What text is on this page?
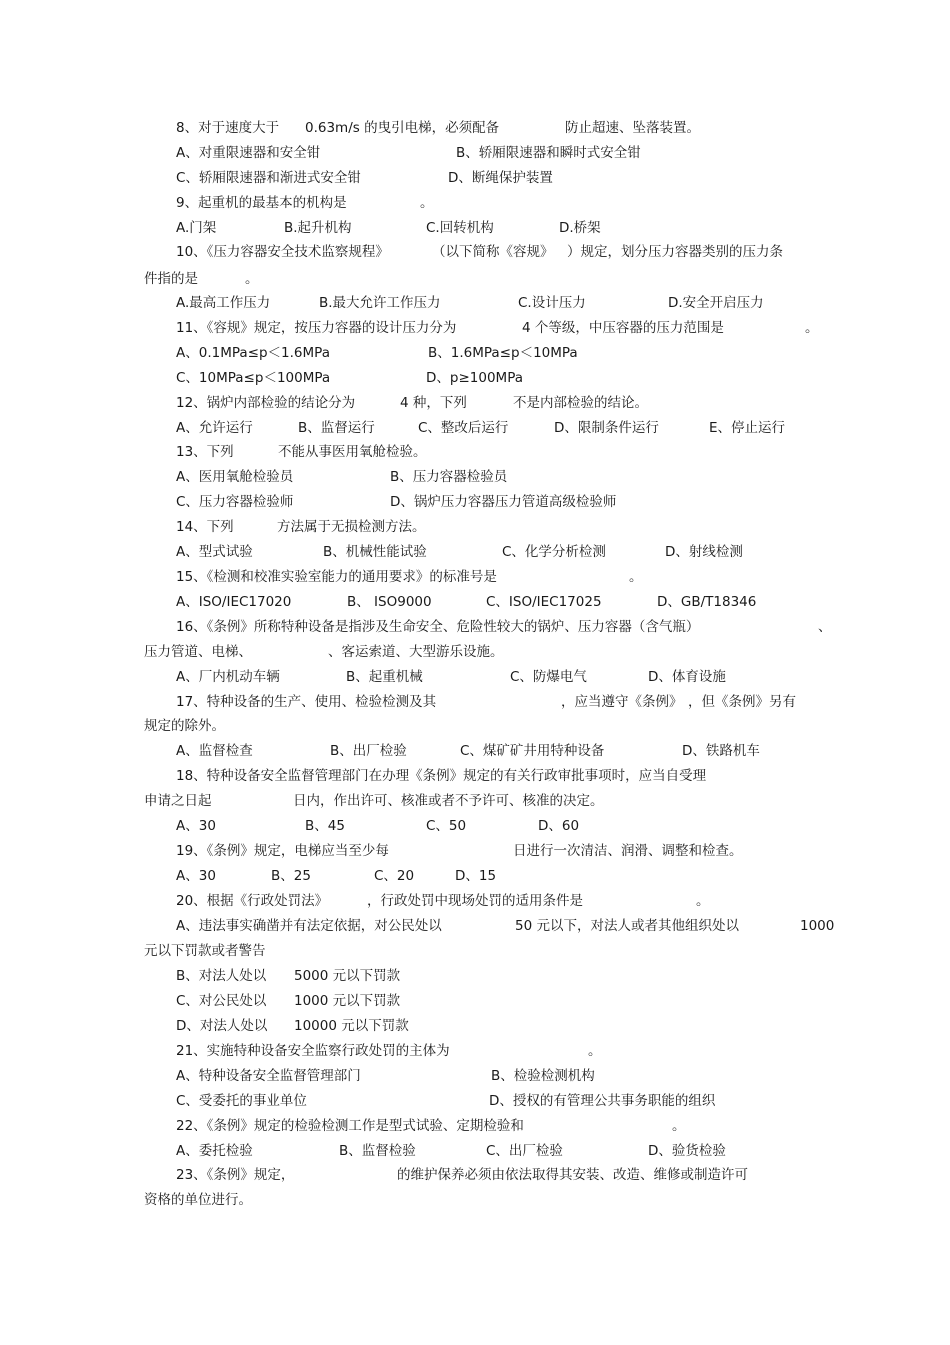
8、对于速度大于 0.63m/s 的曳引电梯，必须配备	防止超速、坠落装置。
A、对重限速器和安全钳	B、轿厢限速器和瞬时式安全钳
C、轿厢限速器和渐进式安全钳	D、断绳保护装置
9、起重机的最基本的机构是	。
A.门架	B.起升机构	C.回转机构	D.桥架
10、《压力容器安全技术监察规程》	（以下简称《容规》 ）规定，划分压力容器类别的压力条
件指的是	。
A.最高工作压力	B.最大允许工作压力	C.设计压力	D.安全开启压力
11、《容规》规定，按压力容器的设计压力分为	4 个等级，中压容器的压力范围是	。
A、0.1MPa≤p＜1.6MPa	B、1.6MPa≤p＜10MPa
C、10MPa≤p＜100MPa	D、p≥100MPa
12、锅炉内部检验的结论分为	4 种，下列	不是内部检验的结论。
A、允许运行	B、监督运行	C、整改后运行	D、限制条件运行	E、停止运行
13、下列	不能从事医用氧舱检验。
A、医用氧舱检验员	B、压力容器检验员
C、压力容器检验师	D、锅炉压力容器压力管道高级检验师
14、下列	方法属于无损检测方法。
A、型式试验	B、机械性能试验	C、化学分析检测	D、射线检测
15、《检测和校准实验室能力的通用要求》的标准号是	。
A、ISO/IEC17020	B、 ISO9000	C、ISO/IEC17025	D、GB/T18346
16、《条例》所称特种设备是指涉及生命安全、危险性较大的锅炉、压力容器（含气瓶）	、
压力管道、电梯、	、客运索道、大型游乐设施。
A、厂内机动车辆	B、起重机械	C、防爆电气	D、体育设施
17、特种设备的生产、使用、检验检测及其	，应当遵守《条例》 ，但《条例》另有
规定的除外。
A、监督检查	B、出厂检验	C、煤矿矿井用特种设备	D、铁路机车
18、特种设备安全监督管理部门在办理《条例》规定的有关行政审批事项时，应当自受理
申请之日起	日内，作出许可、核准或者不予许可、核准的决定。
A、30	B、45	C、50	D、60
19、《条例》规定，电梯应当至少每	日进行一次清洁、润滑、调整和检查。
A、30	B、25	C、20	D、15
20、根据《行政处罚法》	，行政处罚中现场处罚的适用条件是	。
A、违法事实确凿并有法定依据，对公民处以	50 元以下，对法人或者其他组织处以	1000
元以下罚款或者警告
B、对法人处以 5000 元以下罚款
C、对公民处以 1000 元以下罚款
D、对法人处以 10000 元以下罚款
21、实施特种设备安全监察行政处罚的主体为	。
A、特种设备安全监督管理部门	B、检验检测机构
C、受委托的事业单位	D、授权的有管理公共事务职能的组织
22、《条例》规定的检验检测工作是型式试验、定期检验和	。
A、委托检验	B、监督检验	C、出厂检验	D、验货检验
23、《条例》规定，	的维护保养必须由依法取得其安装、改造、维修或制造许可
资格的单位进行。
